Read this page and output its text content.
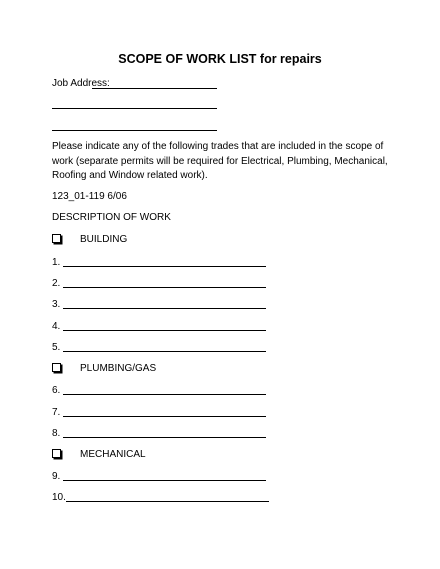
SCOPE OF WORK LIST for repairs
Job Address:
Please indicate any of the following trades that are included in the scope of work (separate permits will be required for Electrical, Plumbing, Mechanical, Roofing and Window related work).
123_01-119 6/06
DESCRIPTION OF WORK
BUILDING
1.
2.
3.
4.
5.
PLUMBING/GAS
6.
7.
8.
MECHANICAL
9.
10.
